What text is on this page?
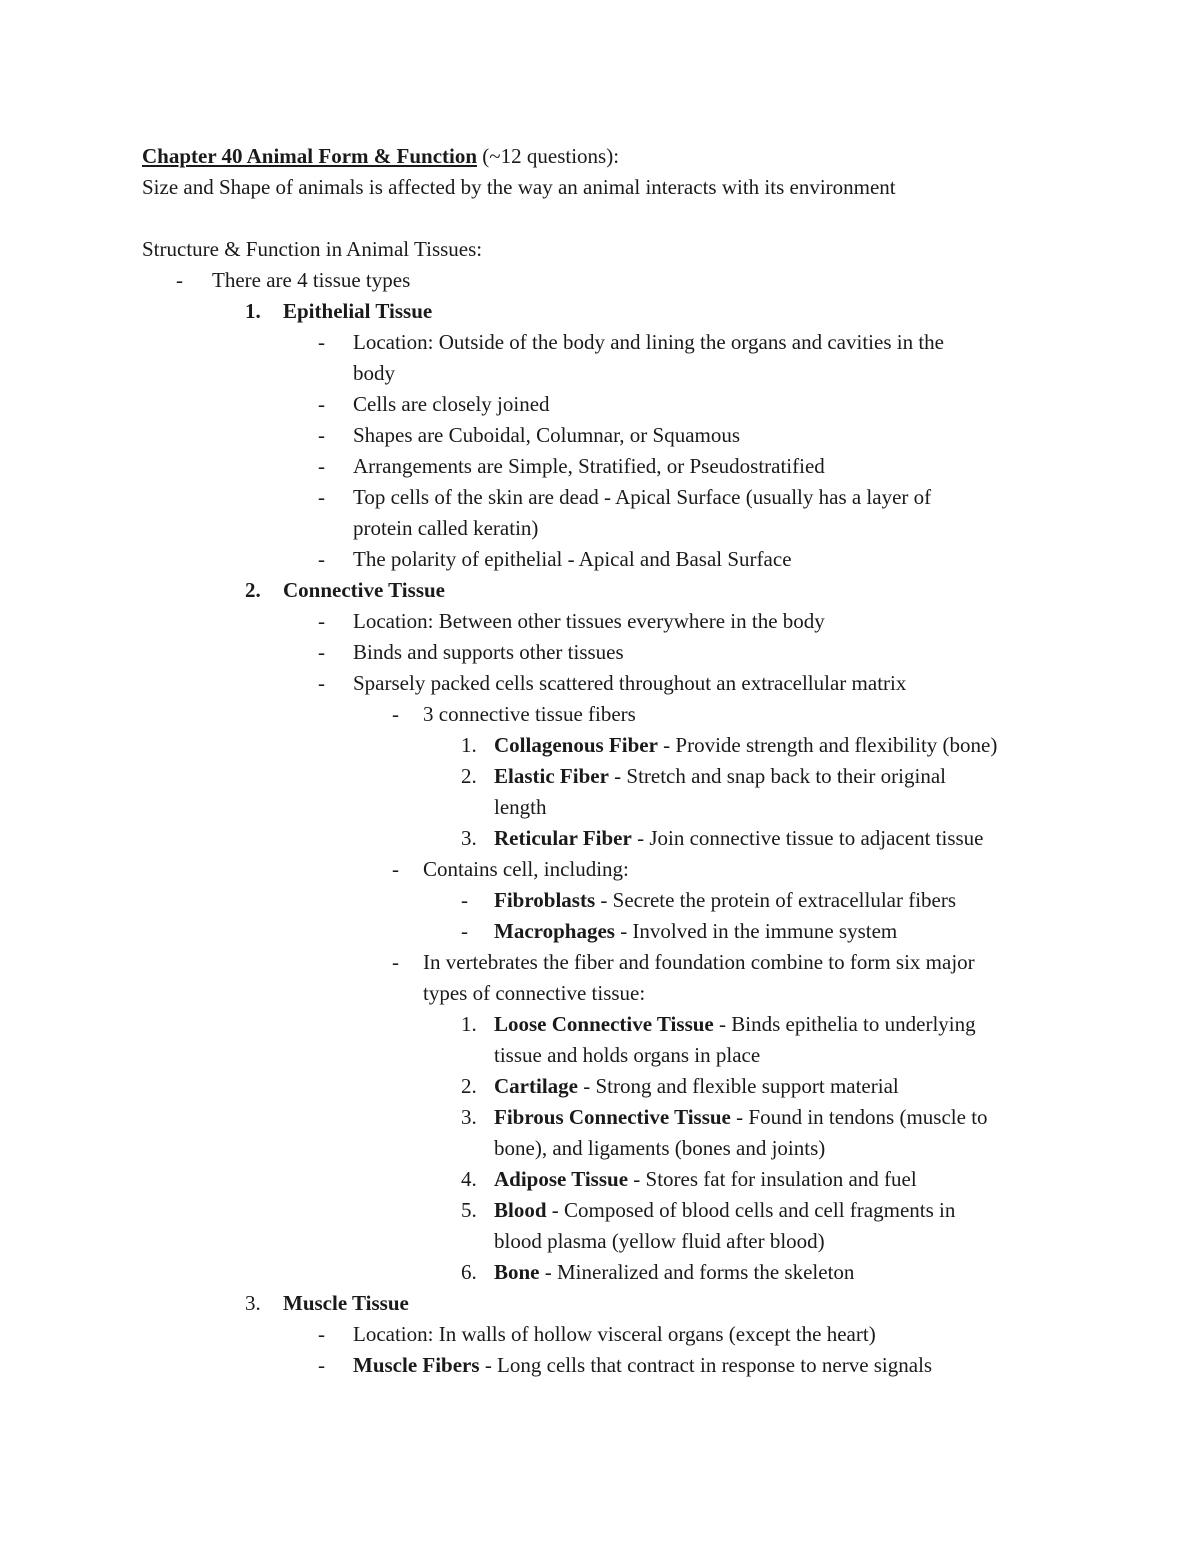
Chapter 40 Animal Form & Function (~12 questions):
Size and Shape of animals is affected by the way an animal interacts with its environment
Structure & Function in Animal Tissues:
- There are 4 tissue types
1. Epithelial Tissue
- Location: Outside of the body and lining the organs and cavities in the
body
- Cells are closely joined
- Shapes are Cuboidal, Columnar, or Squamous
- Arrangements are Simple, Stratified, or Pseudostratified
- Top cells of the skin are dead - Apical Surface (usually has a layer of
protein called keratin)
- The polarity of epithelial - Apical and Basal Surface
2. Connective Tissue
- Location: Between other tissues everywhere in the body
- Binds and supports other tissues
- Sparsely packed cells scattered throughout an extracellular matrix
- 3 connective tissue fibers
1. Collagenous Fiber - Provide strength and flexibility (bone)
2. Elastic Fiber - Stretch and snap back to their original
length
3. Reticular Fiber - Join connective tissue to adjacent tissue
- Contains cell, including:
- Fibroblasts - Secrete the protein of extracellular fibers
- Macrophages - Involved in the immune system
- In vertebrates the fiber and foundation combine to form six major
types of connective tissue:
1. Loose Connective Tissue - Binds epithelia to underlying
tissue and holds organs in place
2. Cartilage - Strong and flexible support material
3. Fibrous Connective Tissue - Found in tendons (muscle to
bone), and ligaments (bones and joints)
4. Adipose Tissue - Stores fat for insulation and fuel
5. Blood - Composed of blood cells and cell fragments in
blood plasma (yellow fluid after blood)
6. Bone - Mineralized and forms the skeleton
3. Muscle Tissue
- Location: In walls of hollow visceral organs (except the heart)
- Muscle Fibers - Long cells that contract in response to nerve signals
